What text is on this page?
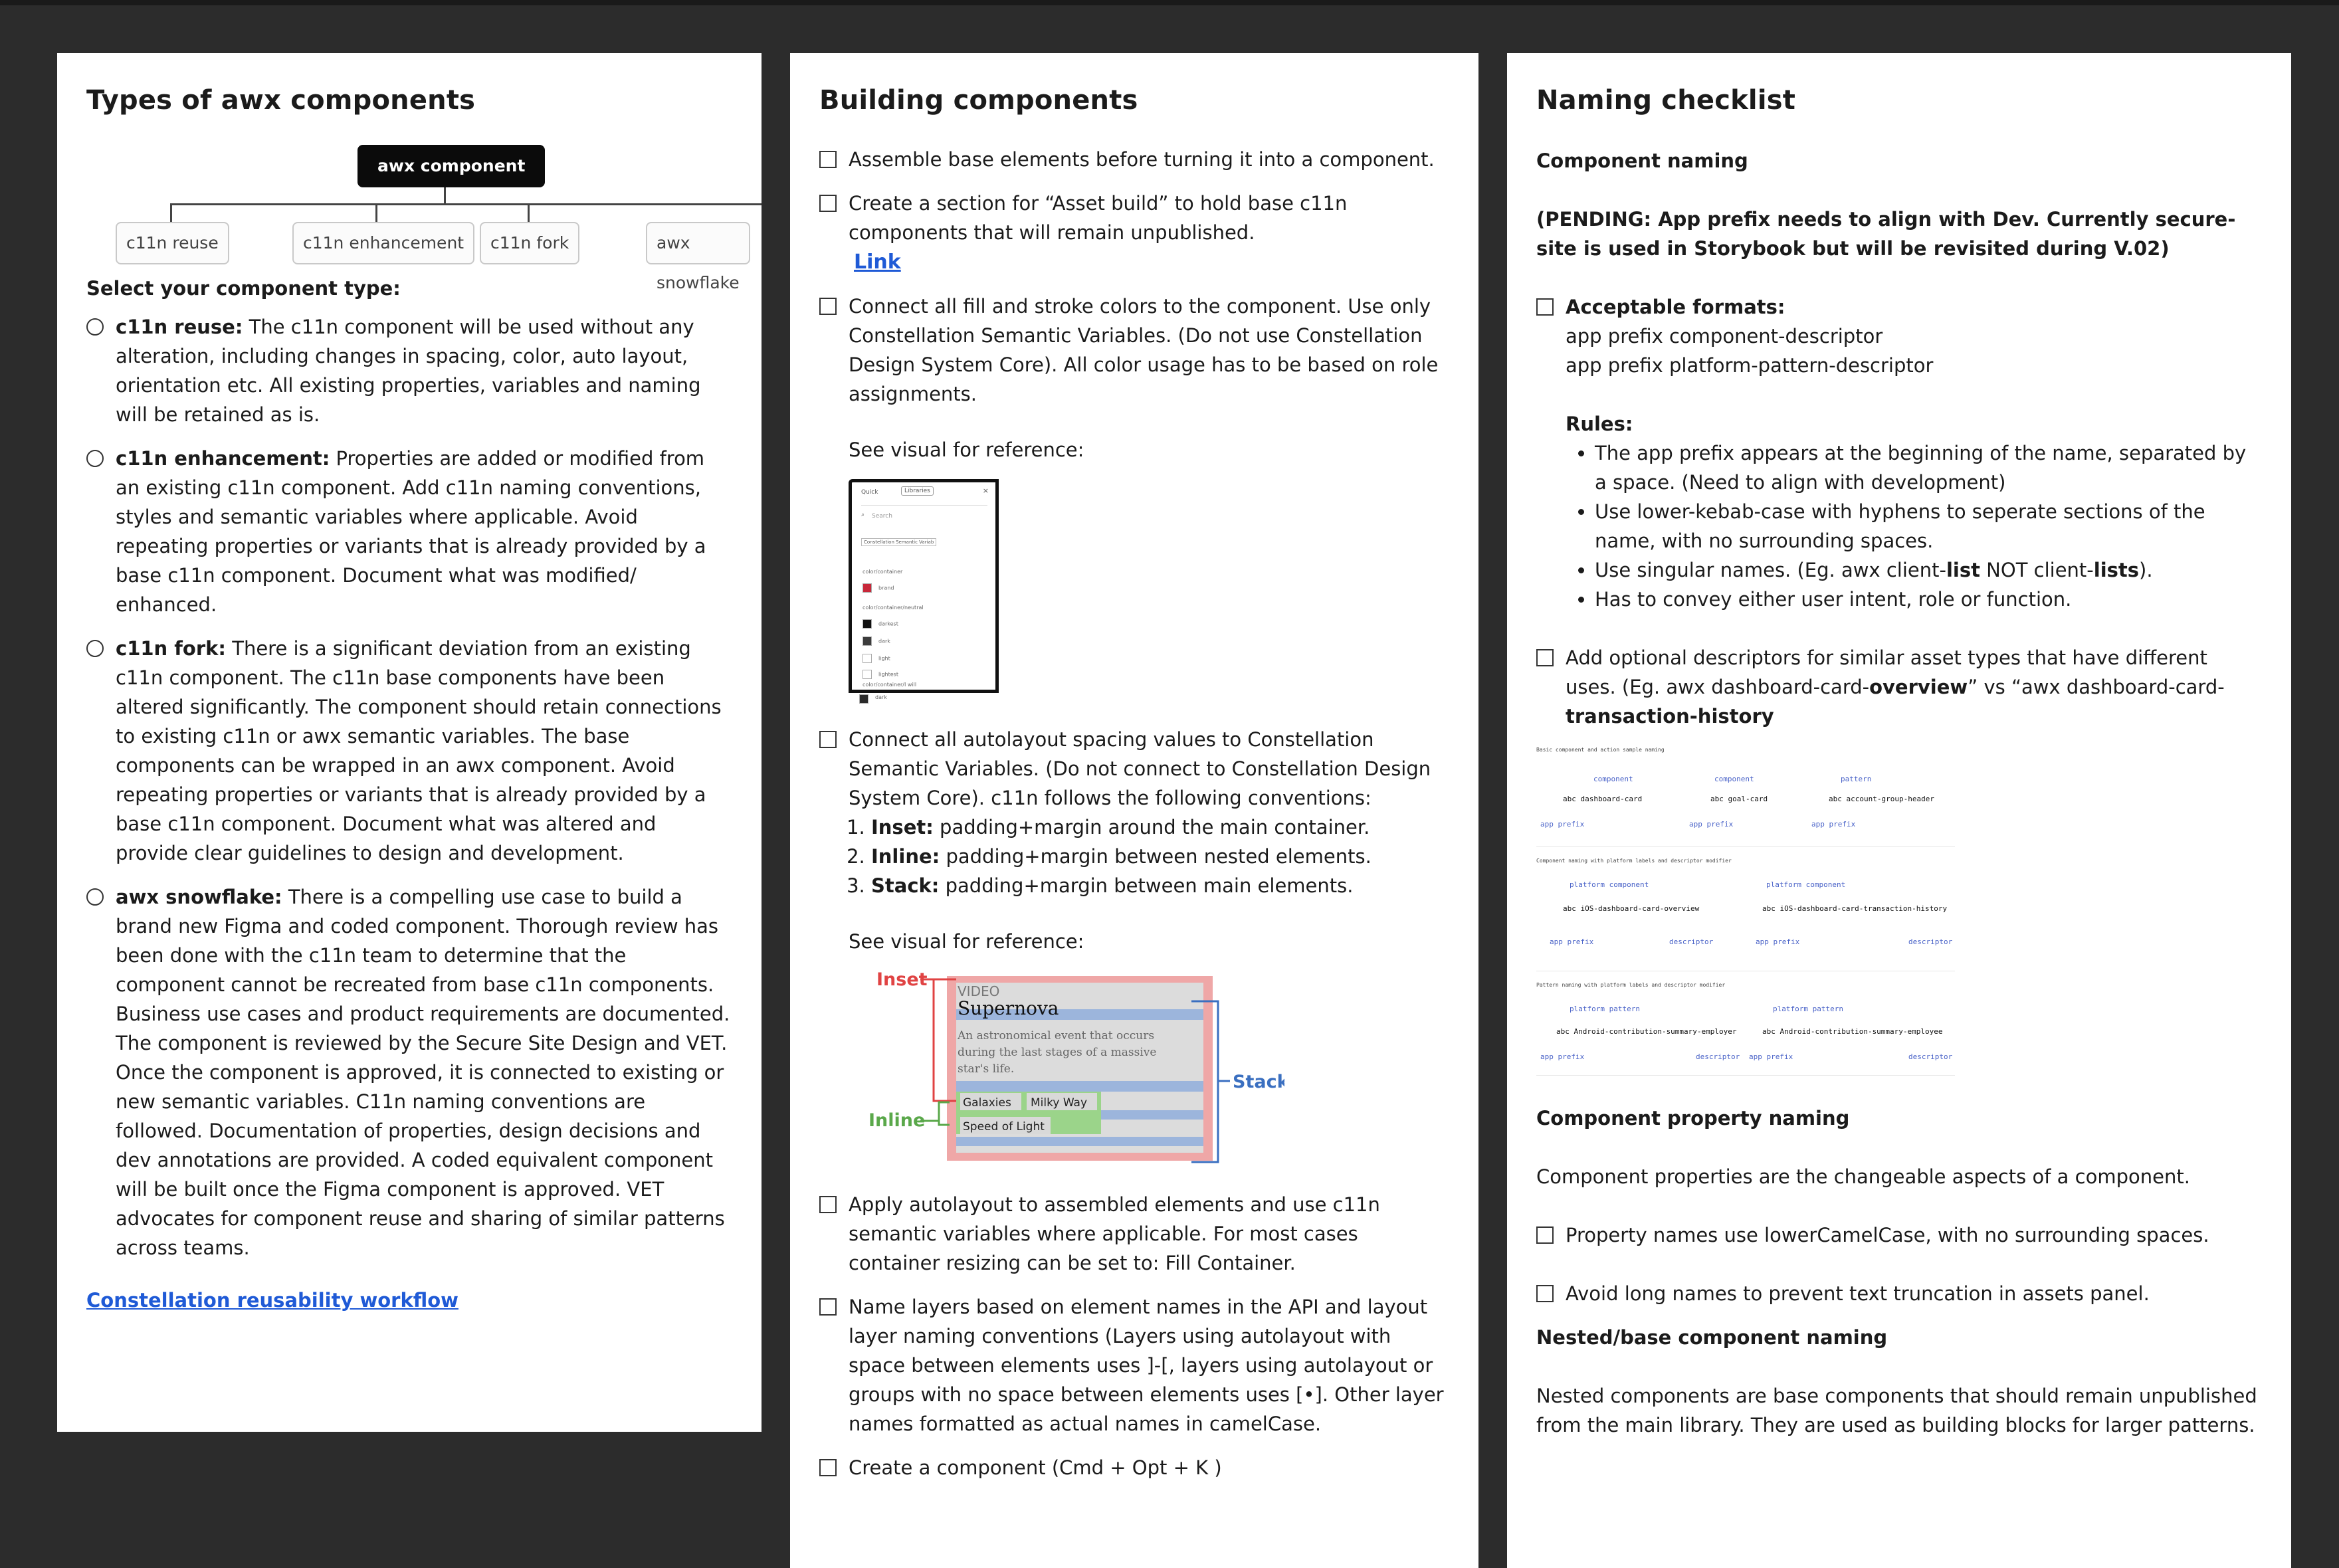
Types of awx components
awx component
c11n reuse	c11n enhancement	c11n fork	awx snowflake

Select your component type:

c11n reuse: The c11n component will be used without any alteration, including changes in spacing, color, auto layout, orientation etc. All existing properties, variables and naming will be retained as is.
c11n enhancement: Properties are added or modified from an existing c11n component. Add c11n naming conventions, styles and semantic variables where applicable. Avoid repeating properties or variants that is already provided by a base c11n component. Document what was modified/ enhanced.
c11n fork: There is a significant deviation from an existing c11n component. The c11n base components have been altered significantly. The component should retain connections to existing c11n or awx semantic variables. The base components can be wrapped in an awx component. Avoid repeating properties or variants that is already provided by a base c11n component. Document what was altered and provide clear guidelines to design and development.
awx snowflake: There is a compelling use case to build a brand new Figma and coded component. Thorough review has been done with the c11n team to determine that the component cannot be recreated from base c11n components. Business use cases and product requirements are documented. The component is reviewed by the Secure Site Design and VET. Once the component is approved, it is connected to existing or new semantic variables. C11n naming conventions are followed. Documentation of properties, design decisions and dev annotations are provided. A coded equivalent component will be built once the Figma component is approved. VET advocates for component reuse and sharing of similar patterns across teams.
Constellation reusability workflow
Building components
Assemble base elements before turning it into a component.
Create a section for “Asset build” to hold base c11n components that will remain unpublished.
Link
Connect all fill and stroke colors to the component. Use only Constellation Semantic Variables. (Do not use Constellation Design System Core). All color usage has to be based on role assignments.
See visual for reference:
Quick	Libraries	×
⌕ Search
Constellation Semantic Variab
color/container
brand
color/container/neutral
darkest
dark
light
lightest
color/container/I will
dark
Connect all autolayout spacing values to Constellation Semantic Variables. (Do not connect to Constellation Design System Core). c11n follows the following conventions:
1. Inset: padding+margin around the main container.
2. Inline: padding+margin between nested elements.
3. Stack: padding+margin between main elements.
See visual for reference:
VIDEO
Supernova
An astronomical event that occurs
during the last stages of a massive
star's life.
Galaxies Milky Way
Speed of Light
Inset
Inline
Stack
Apply autolayout to assembled elements and use c11n semantic variables where applicable. For most cases container resizing can be set to: Fill Container.
Name layers based on element names in the API and layout layer naming conventions (Layers using autolayout with space between elements uses ]-[, layers using autolayout or groups with no space between elements uses [•]. Other layer names formatted as actual names in camelCase.
Create a component (Cmd + Opt + K )
Naming checklist

Component naming

(PENDING: App prefix needs to align with Dev. Currently secure-site is used in Storybook but will be revisited during V.02)

Acceptable formats:
app prefix component-descriptor
app prefix platform-pattern-descriptor
Rules:
• The app prefix appears at the beginning of the name, separated by a space. (Need to align with development)
• Use lower-kebab-case with hyphens to seperate sections of the name, with no surrounding spaces.
• Use singular names. (Eg. awx client-list NOT client-lists).
• Has to convey either user intent, role or function.
Add optional descriptors for similar asset types that have different uses. (Eg. awx dashboard-card-overview” vs “awx dashboard-card-transaction-history
Basic component and action sample naming
component	component	pattern
abc dashboard-card	abc goal-card	abc account-group-header
app prefix	app prefix	app prefix
Component naming with platform labels and descriptor modifier
platform component	platform component
abc iOS-dashboard-card-overview	abc iOS-dashboard-card-transaction-history
app prefix	descriptor	app prefix	descriptor
Pattern naming with platform labels and descriptor modifier
platform pattern	platform pattern
abc Android-contribution-summary-employer	abc Android-contribution-summary-employee
app prefix	descriptor app prefix	descriptor

Component property naming

Component properties are the changeable aspects of a component.

Property names use lowerCamelCase, with no surrounding spaces.
Avoid long names to prevent text truncation in assets panel.

Nested/base component naming

Nested components are base components that should remain unpublished from the main library. They are used as building blocks for larger patterns.
